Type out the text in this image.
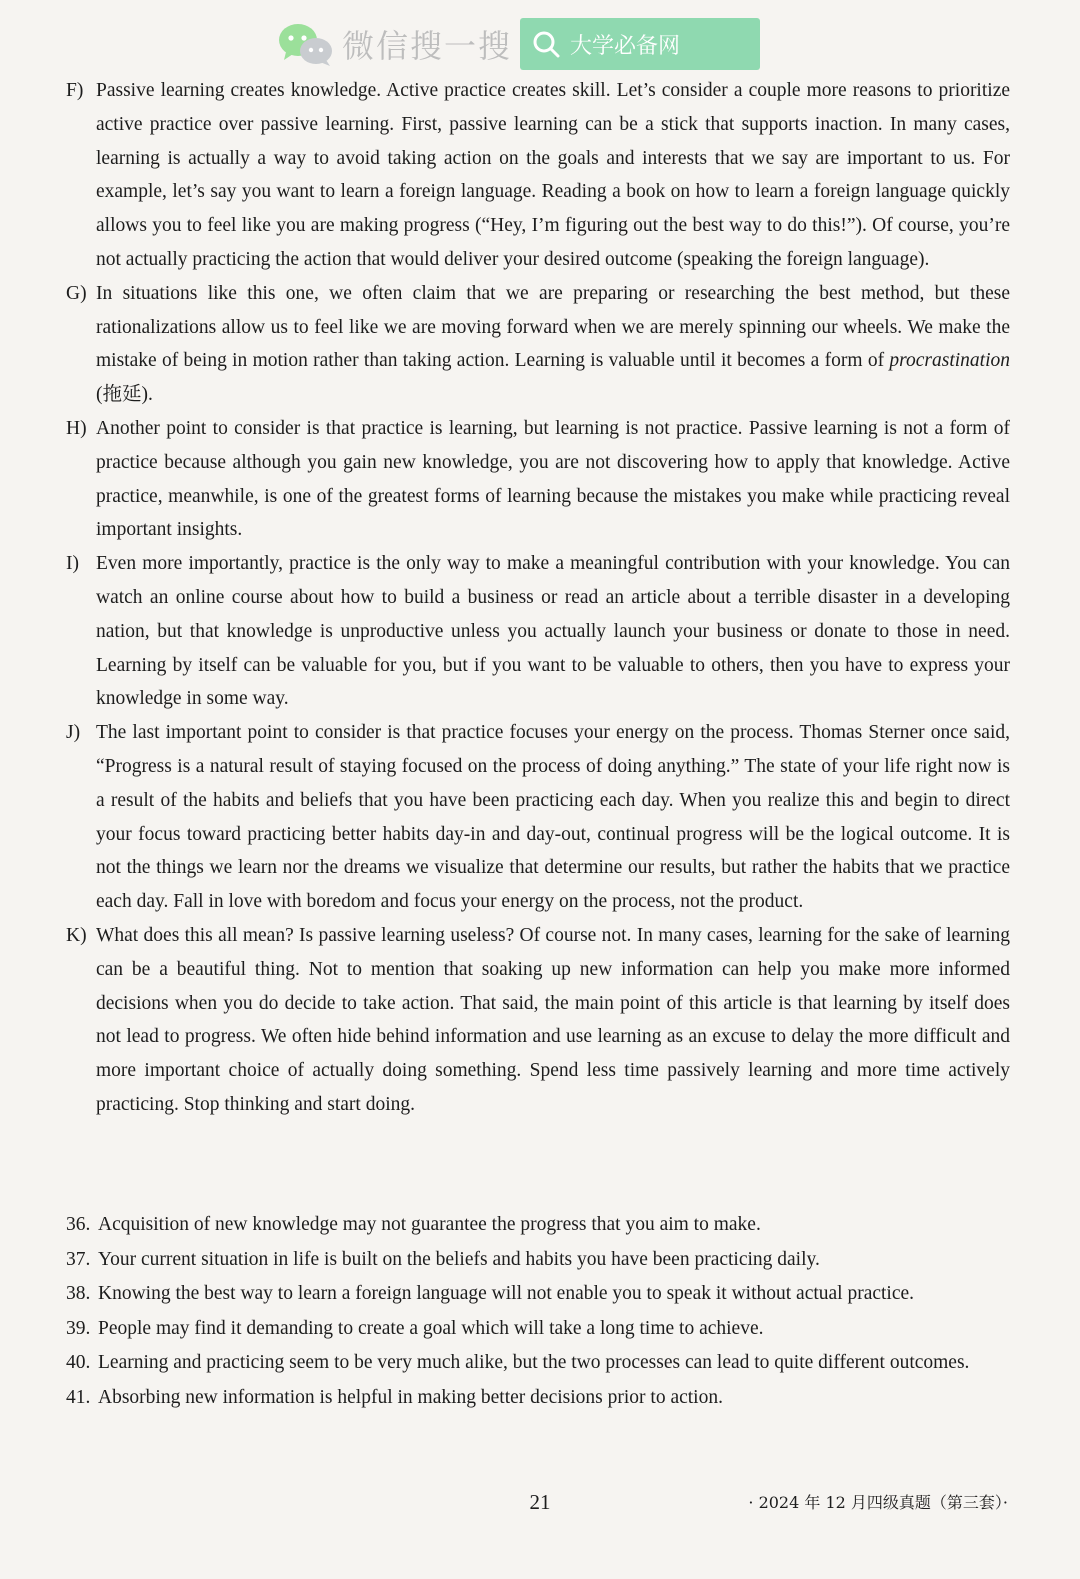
微信搜一搜	大学必备网
F) Passive learning creates knowledge. Active practice creates skill. Let’s consider a couple more reasons to prioritize active practice over passive learning. First, passive learning can be a stick that supports inaction. In many cases, learning is actually a way to avoid taking action on the goals and interests that we say are important to us. For example, let’s say you want to learn a foreign language. Reading a book on how to learn a foreign language quickly allows you to feel like you are making progress (“Hey, I’m figuring out the best way to do this!”). Of course, you’re not actually practicing the action that would deliver your desired outcome (speaking the foreign language).
G) In situations like this one, we often claim that we are preparing or researching the best method, but these rationalizations allow us to feel like we are moving forward when we are merely spinning our wheels. We make the mistake of being in motion rather than taking action. Learning is valuable until it becomes a form of procrastination (拖延).
H) Another point to consider is that practice is learning, but learning is not practice. Passive learning is not a form of practice because although you gain new knowledge, you are not discovering how to apply that knowledge. Active practice, meanwhile, is one of the greatest forms of learning because the mistakes you make while practicing reveal important insights.
I) Even more importantly, practice is the only way to make a meaningful contribution with your knowledge. You can watch an online course about how to build a business or read an article about a terrible disaster in a developing nation, but that knowledge is unproductive unless you actually launch your business or donate to those in need. Learning by itself can be valuable for you, but if you want to be valuable to others, then you have to express your knowledge in some way.
J) The last important point to consider is that practice focuses your energy on the process. Thomas Sterner once said, “Progress is a natural result of staying focused on the process of doing anything.” The state of your life right now is a result of the habits and beliefs that you have been practicing each day. When you realize this and begin to direct your focus toward practicing better habits day-in and day-out, continual progress will be the logical outcome. It is not the things we learn nor the dreams we visualize that determine our results, but rather the habits that we practice each day. Fall in love with boredom and focus your energy on the process, not the product.
K) What does this all mean? Is passive learning useless? Of course not. In many cases, learning for the sake of learning can be a beautiful thing. Not to mention that soaking up new information can help you make more informed decisions when you do decide to take action. That said, the main point of this article is that learning by itself does not lead to progress. We often hide behind information and use learning as an excuse to delay the more difficult and more important choice of actually doing something. Spend less time passively learning and more time actively practicing. Stop thinking and start doing.
36. Acquisition of new knowledge may not guarantee the progress that you aim to make.
37. Your current situation in life is built on the beliefs and habits you have been practicing daily.
38. Knowing the best way to learn a foreign language will not enable you to speak it without actual practice.
39. People may find it demanding to create a goal which will take a long time to achieve.
40. Learning and practicing seem to be very much alike, but the two processes can lead to quite different outcomes.
41. Absorbing new information is helpful in making better decisions prior to action.
21	· 2024 年 12 月四级真题（第三套）·
